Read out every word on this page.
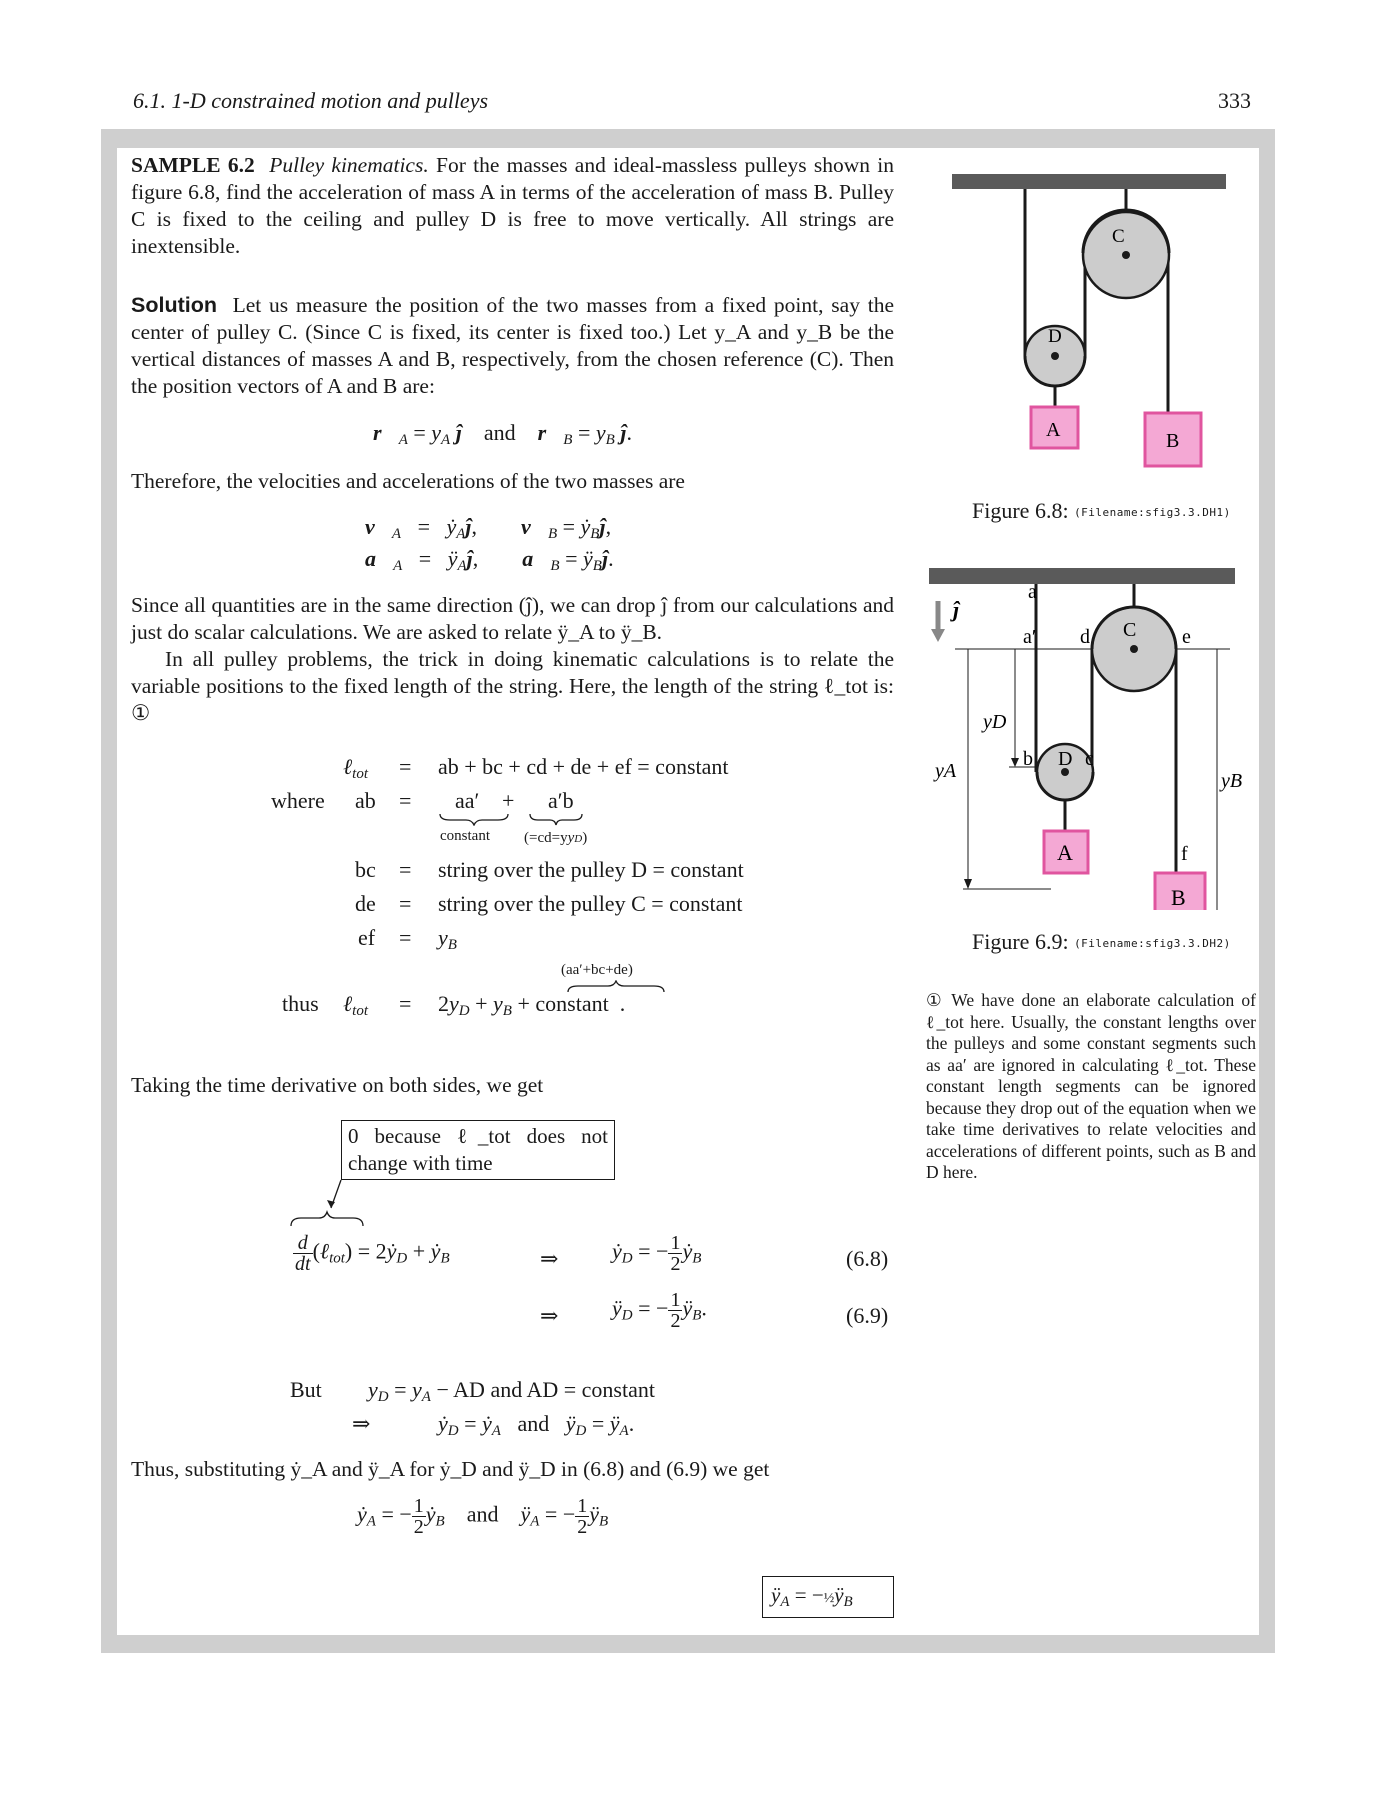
6.1. 1-D constrained motion and pulleys	333
SAMPLE 6.2 Pulley kinematics. For the masses and ideal-massless pulleys shown in figure 6.8, find the acceleration of mass A in terms of the acceleration of mass B. Pulley C is fixed to the ceiling and pulley D is free to move vertically. All strings are inextensible.
Solution Let us measure the position of the two masses from a fixed point, say the center of pulley C. (Since C is fixed, its center is fixed too.) Let y_A and y_B be the vertical distances of masses A and B, respectively, from the chosen reference (C). Then the position vectors of A and B are:
$r⃗_A = y_A$ ĵ and $r⃗_B = y_B$ ĵ.
Therefore, the velocities and accelerations of the two masses are
$v⃗_A$   =   ẏ$_A$ĵ,        $v⃗_B$ = ẏ$_B$ĵ,
$a⃗_A$   =   $ÿ_Aĵ$,        $a⃗_B$ = $ÿ_Bĵ$.
Since all quantities are in the same direction (ĵ), we can drop ĵ from our calculations and just do scalar calculations. We are asked to relate ÿ_A to ÿ_B.
In all pulley problems, the trick in doing kinematic calculations is to relate the variable positions to the fixed length of the string. Here, the length of the string ℓ_tot is: ①
ℓ$_{tot}$ = ab + bc + cd + de + ef = constant
where ab = aa′ + a′b
constant (=cd=yyD)
bc = string over the pulley D = constant
de = string over the pulley C = constant
ef = $y_B$
(aa′+bc+de)
thus ℓ$_{tot}$ = $2y_D + y_B$ + constant  .
Taking the time derivative on both sides, we get
0 because ℓ_tot does not change with time
$\frac{d}{dt}$ (ℓ$_{tot}$) = 2ẏ$_D$ + ẏ$_B$	⇒ ẏ$_D$ = − $\frac{1}{2}$ ẏ$_B$	(6.8)
⇒ $ÿ_D$ = − $\frac{1}{2}$ $ÿ_B$.	(6.9)
But $y_D = y_A$ − AD and AD = constant
⇒	ẏ$_D$ = ẏ$_A$ and $ÿ_D$ = $ÿ_A$.
Thus, substituting ẏ_A and ÿ_A for ẏ_D and ÿ_D in (6.8) and (6.9) we get
ẏ$_A$ = − $\frac{1}{2}$ ẏ$_B$ and $ÿ_A$ = − $\frac{1}{2}$ $ÿ_B$
$ÿ_A$ = $-\frac{1}{2}ÿ_B$
C
D
A	B
Figure 6.8: (Filename:sfig3.3.DH1)
ĵ
a
a′ d C e
yD
yA	yB
b D c
A	f
B
Figure 6.9: (Filename:sfig3.3.DH2)
① We have done an elaborate calculation of ℓ_tot here. Usually, the constant lengths over the pulleys and some constant segments such as aa′ are ignored in calculating ℓ_tot. These constant length segments can be ignored because they drop out of the equation when we take time derivatives to relate velocities and accelerations of different points, such as B and D here.
